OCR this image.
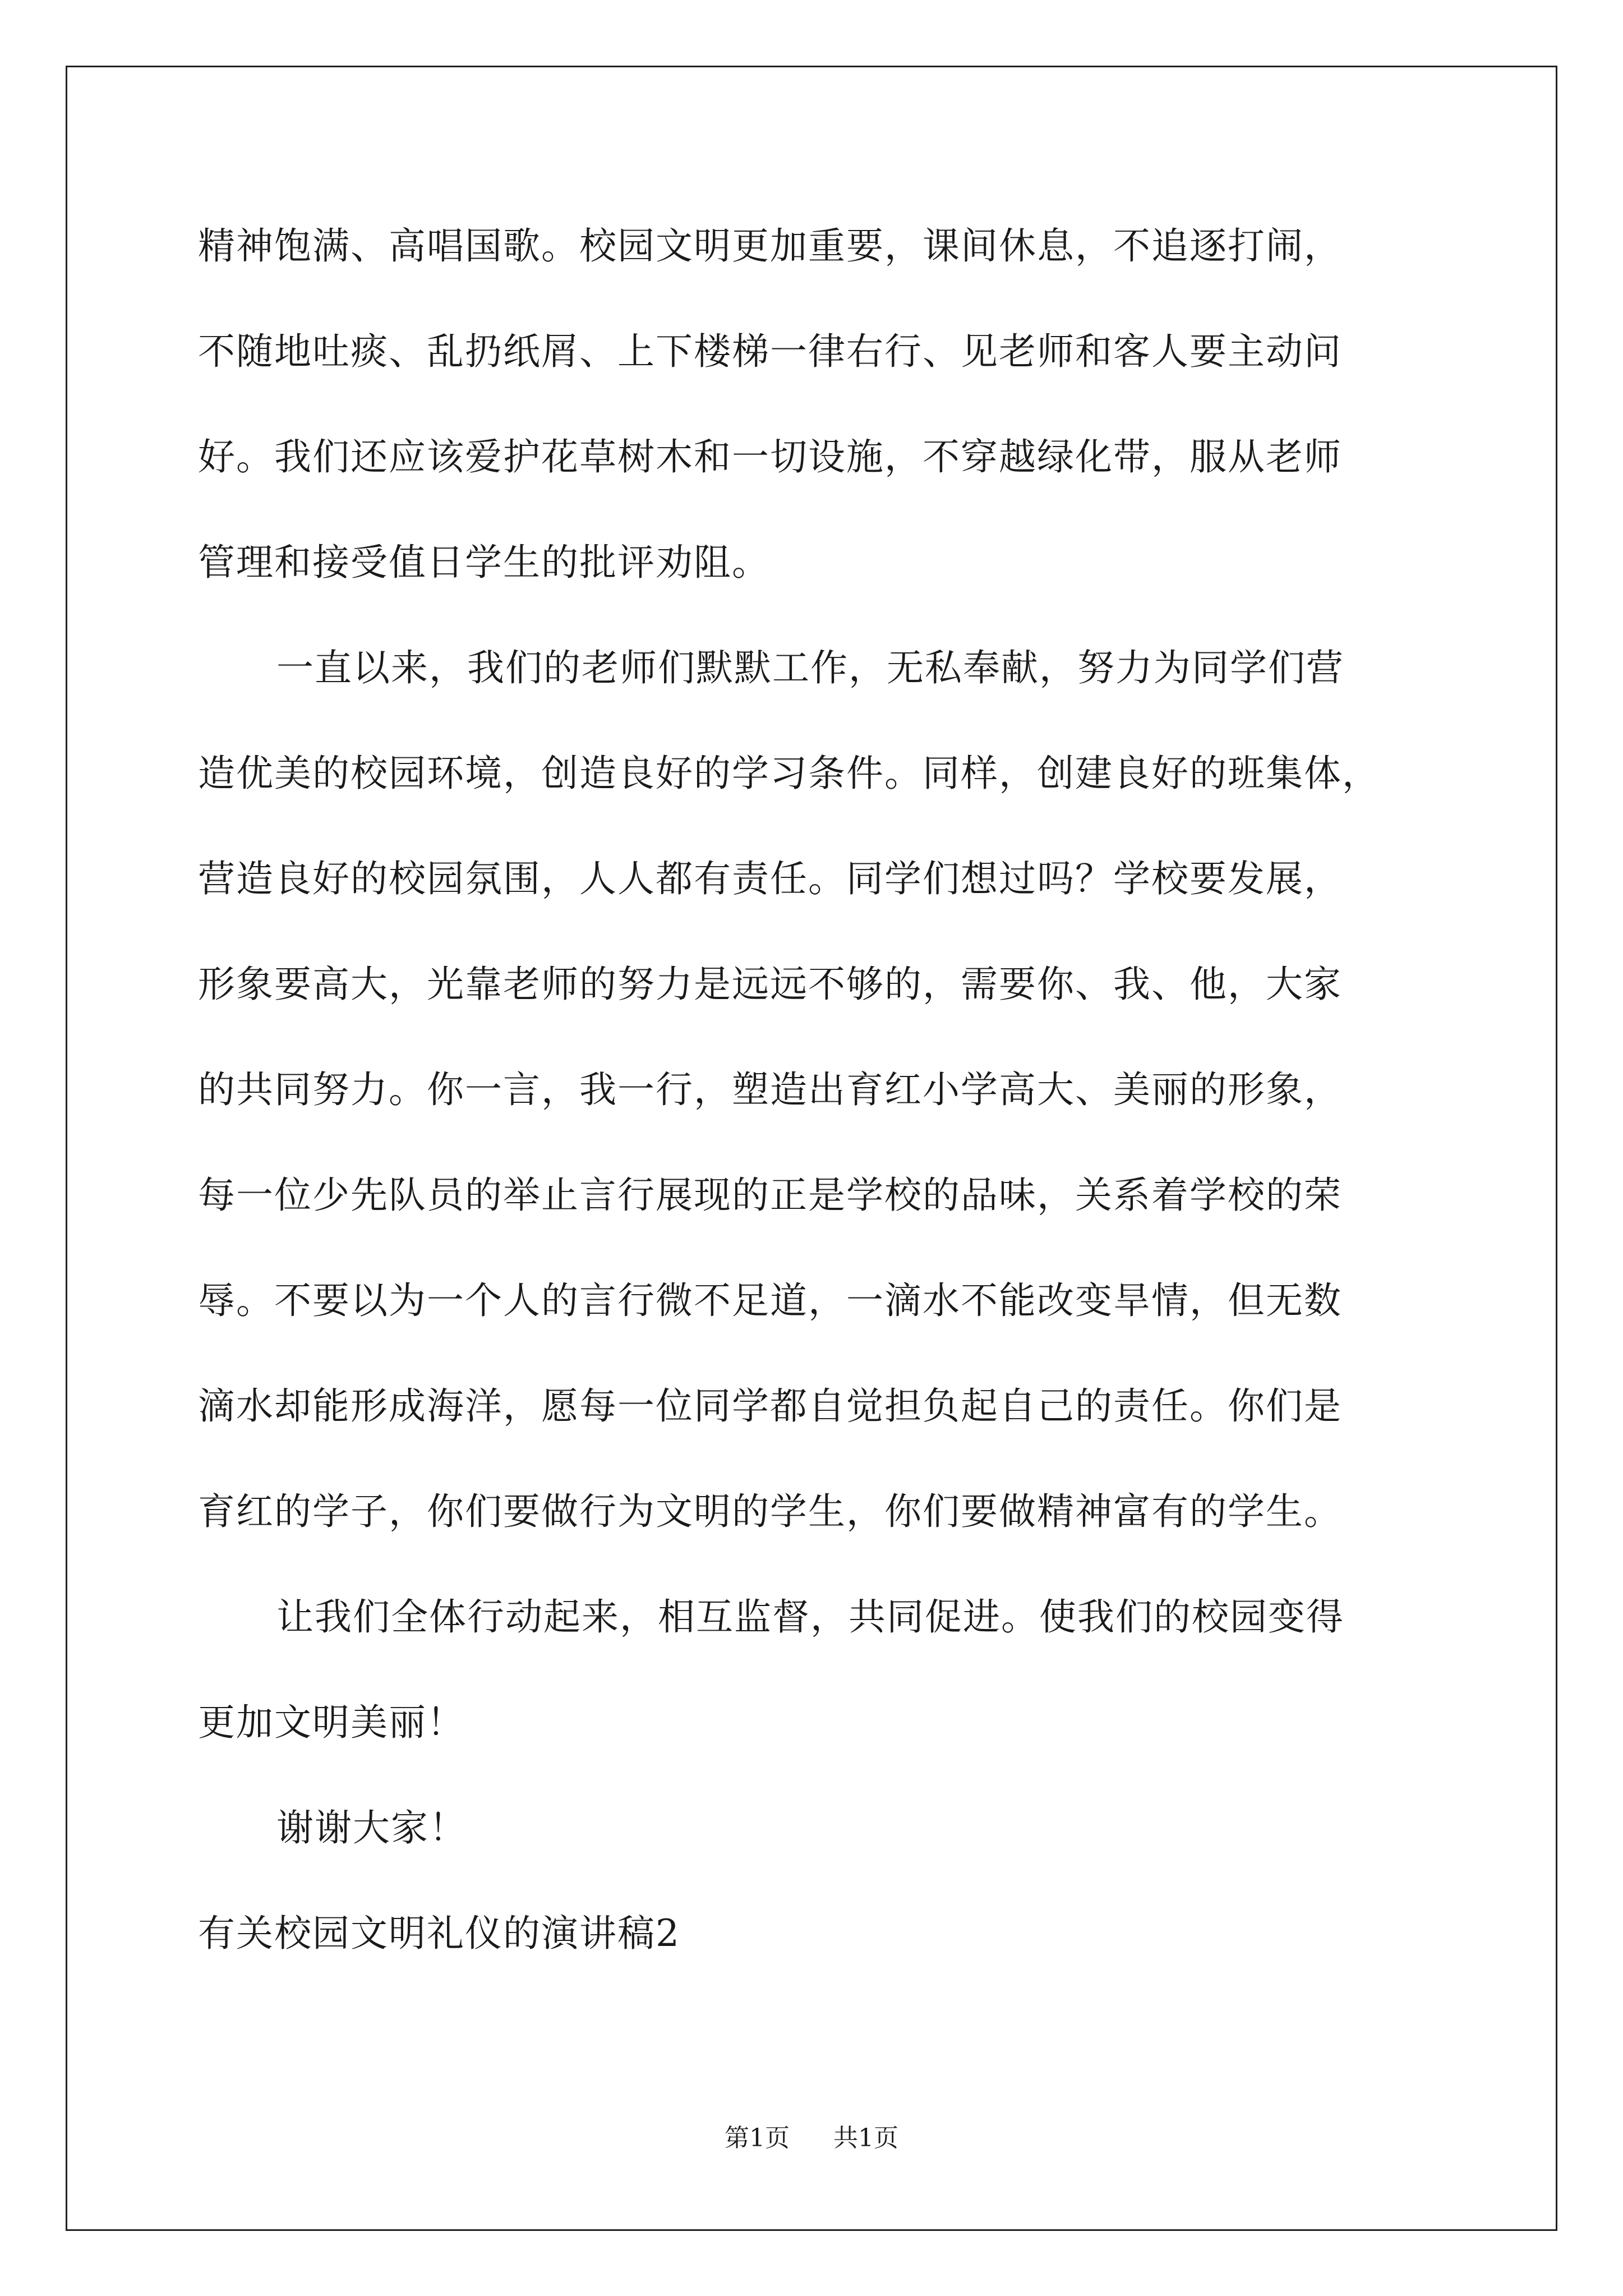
精神饱满、高唱国歌。校园文明更加重要，课间休息，不追逐打闹，
不随地吐痰、乱扔纸屑、上下楼梯一律右行、见老师和客人要主动问
好。我们还应该爱护花草树木和一切设施，不穿越绿化带，服从老师
管理和接受值日学生的批评劝阻。
一直以来，我们的老师们默默工作，无私奉献，努力为同学们营
造优美的校园环境，创造良好的学习条件。同样，创建良好的班集体，
营造良好的校园氛围，人人都有责任。同学们想过吗？学校要发展，
形象要高大，光靠老师的努力是远远不够的，需要你、我、他，大家
的共同努力。你一言，我一行，塑造出育红小学高大、美丽的形象，
每一位少先队员的举止言行展现的正是学校的品味，关系着学校的荣
辱。不要以为一个人的言行微不足道，一滴水不能改变旱情，但无数
滴水却能形成海洋，愿每一位同学都自觉担负起自己的责任。你们是
育红的学子，你们要做行为文明的学生，你们要做精神富有的学生。
让我们全体行动起来，相互监督，共同促进。使我们的校园变得
更加文明美丽！
谢谢大家！
有关校园文明礼仪的演讲稿2
第1页 共1页
